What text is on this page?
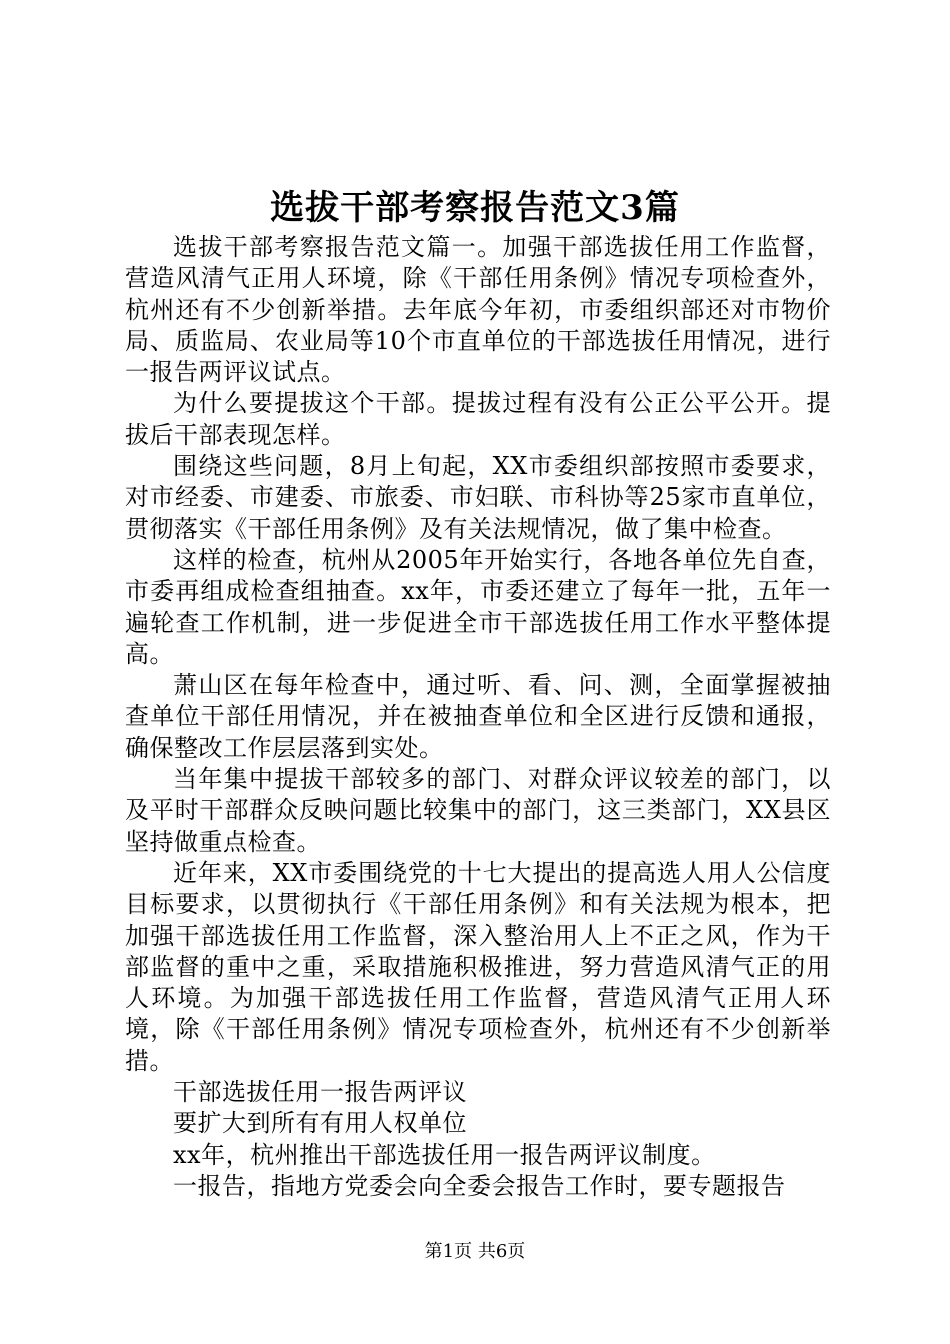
选拔干部考察报告范文3篇

选拔干部考察报告范文篇一。加强干部选拔任用工作监督，营造风清气正用人环境，除《干部任用条例》情况专项检查外，杭州还有不少创新举措。去年底今年初，市委组织部还对市物价局、质监局、农业局等10个市直单位的干部选拔任用情况，进行一报告两评议试点。

为什么要提拔这个干部。提拔过程有没有公正公平公开。提拔后干部表现怎样。

围绕这些问题，8月上旬起，XX市委组织部按照市委要求，对市经委、市建委、市旅委、市妇联、市科协等25家市直单位，贯彻落实《干部任用条例》及有关法规情况，做了集中检查。

这样的检查，杭州从2005年开始实行，各地各单位先自查，市委再组成检查组抽查。xx年，市委还建立了每年一批，五年一遍轮查工作机制，进一步促进全市干部选拔任用工作水平整体提高。

萧山区在每年检查中，通过听、看、问、测，全面掌握被抽查单位干部任用情况，并在被抽查单位和全区进行反馈和通报，确保整改工作层层落到实处。

当年集中提拔干部较多的部门、对群众评议较差的部门，以及平时干部群众反映问题比较集中的部门，这三类部门，XX县区坚持做重点检查。

近年来，XX市委围绕党的十七大提出的提高选人用人公信度目标要求，以贯彻执行《干部任用条例》和有关法规为根本，把加强干部选拔任用工作监督，深入整治用人上不正之风，作为干部监督的重中之重，采取措施积极推进，努力营造风清气正的用人环境。为加强干部选拔任用工作监督，营造风清气正用人环境，除《干部任用条例》情况专项检查外，杭州还有不少创新举措。

干部选拔任用一报告两评议

要扩大到所有有用人权单位

xx年，杭州推出干部选拔任用一报告两评议制度。

一报告，指地方党委会向全委会报告工作时，要专题报告

第1页 共6页
